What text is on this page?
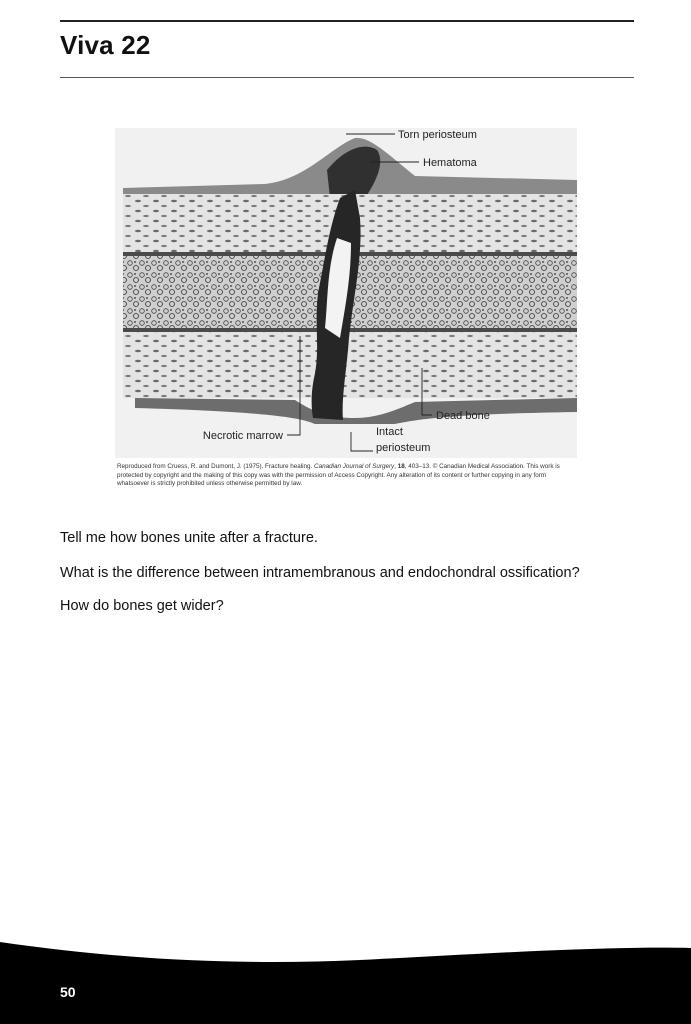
Viva 22
Torn periosteum
Hematoma
Dead bone
Necrotic marrow	Intact
periosteum
Reproduced from Cruess, R. and Dumont, J. (1975). Fracture healing. Canadian Journal of Surgery, 18, 403–13. © Canadian Medical Association. This work is protected by copyright and the making of this copy was with the permission of Access Copyright. Any alteration of its content or further copying in any form whatsoever is strictly prohibited unless otherwise permitted by law.

Tell me how bones unite after a fracture.

What is the difference between intramembranous and endochondral ossification?

How do bones get wider?

50
